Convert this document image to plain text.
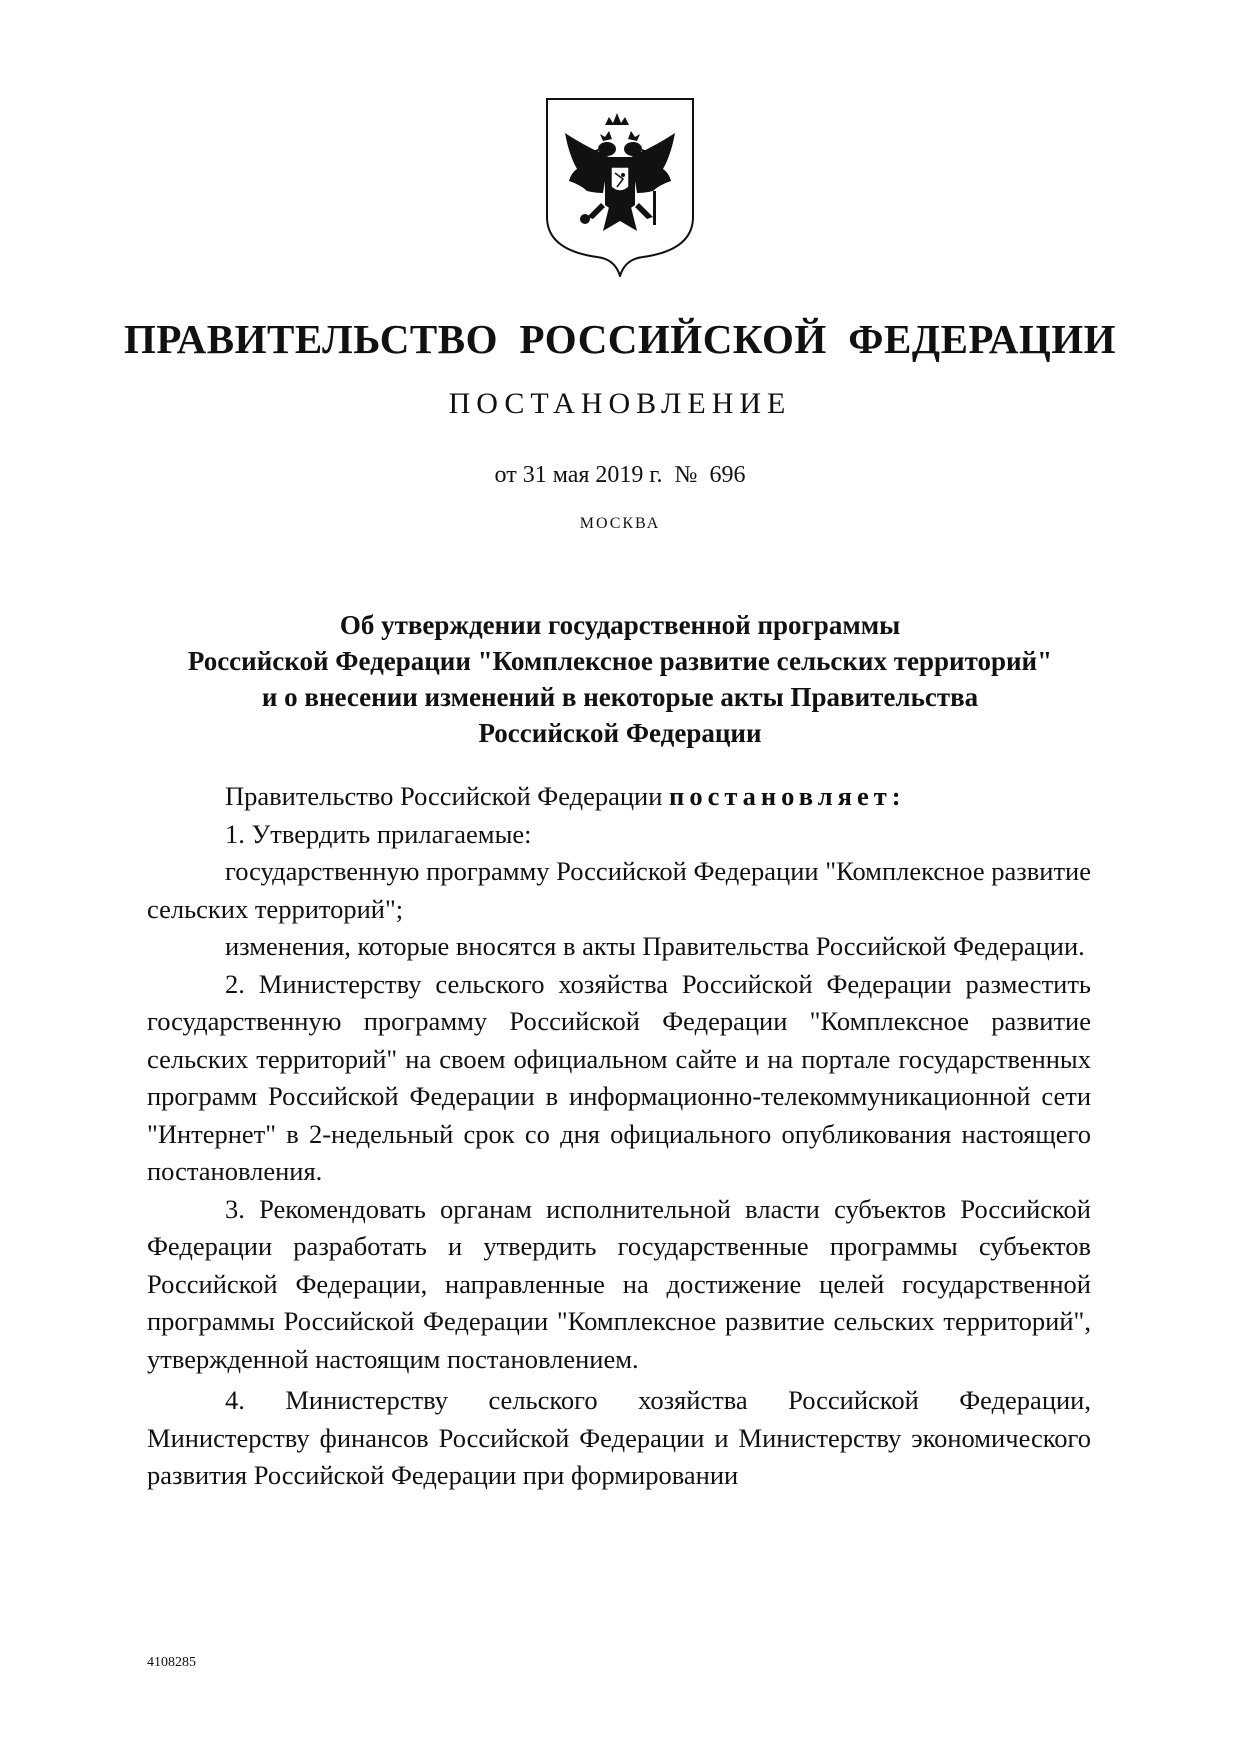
ПРАВИТЕЛЬСТВО  РОССИЙСКОЙ  ФЕДЕРАЦИИ
ПОСТАНОВЛЕНИЕ
от 31 мая 2019 г.  №  696
МОСКВА
Об утверждении государственной программы
Российской Федерации "Комплексное развитие сельских территорий"
и о внесении изменений в некоторые акты Правительства
Российской Федерации

Правительство Российской Федерации постановляет:

1. Утвердить прилагаемые:

государственную программу Российской Федерации "Комплексное развитие сельских территорий";

изменения, которые вносятся в акты Правительства Российской Федерации.

2. Министерству сельского хозяйства Российской Федерации разместить государственную программу Российской Федерации "Комплексное развитие сельских территорий" на своем официальном сайте и на портале государственных программ Российской Федерации в информационно-телекоммуникационной сети "Интернет" в 2-недельный срок со дня официального опубликования настоящего постановления.

3. Рекомендовать органам исполнительной власти субъектов Российской Федерации разработать и утвердить государственные программы субъектов Российской Федерации, направленные на достижение целей государственной программы Российской Федерации "Комплексное развитие сельских территорий", утвержденной настоящим постановлением.

4. Министерству сельского хозяйства Российской Федерации, Министерству финансов Российской Федерации и Министерству экономического развития Российской Федерации при формировании

4108285
